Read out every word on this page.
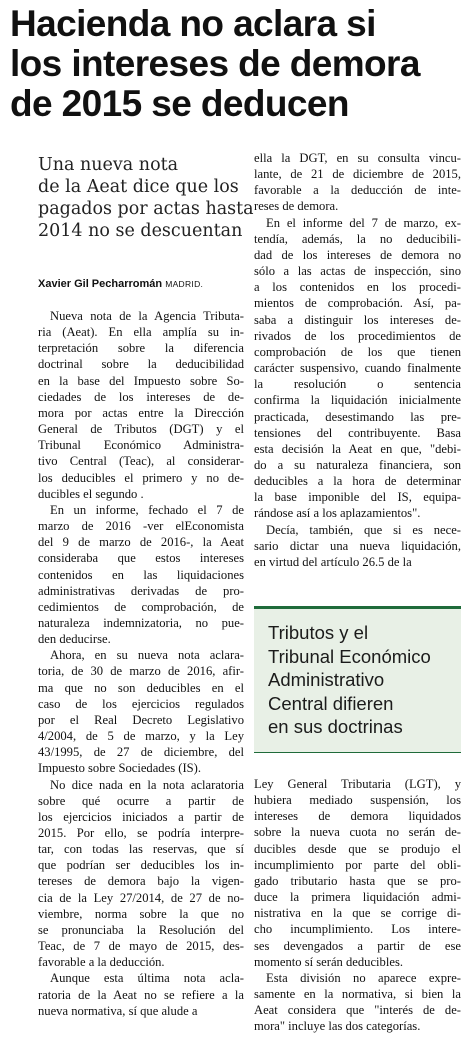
Hacienda no aclara si
los intereses de demora
de 2015 se deducen
Una nueva nota
de la Aeat dice que los
pagados por actas hasta
2014 no se descuentan
Xavier Gil Pecharromán MADRID.

Nueva nota de la Agencia Tributa-
ria (Aeat). En ella amplía su in-
terpretación sobre la diferencia
doctrinal sobre la deducibilidad
en la base del Impuesto sobre So-
ciedades de los intereses de de-
mora por actas entre la Dirección
General de Tributos (DGT) y el
Tribunal Económico Administra-
tivo Central (Teac), al considerar-
los deducibles el primero y no de-
ducibles el segundo .

En un informe, fechado el 7 de
marzo de 2016 -ver elEconomista
del 9 de marzo de 2016-, la Aeat
consideraba que estos intereses
contenidos en las liquidaciones
administrativas derivadas de pro-
cedimientos de comprobación, de
naturaleza indemnizatoria, no pue-
den deducirse.

Ahora, en su nueva nota aclara-
toria, de 30 de marzo de 2016, afir-
ma que no son deducibles en el
caso de los ejercicios regulados
por el Real Decreto Legislativo
4/2004, de 5 de marzo, y la Ley
43/1995, de 27 de diciembre, del
Impuesto sobre Sociedades (IS).

No dice nada en la nota aclaratoria
sobre qué ocurre a partir de
los ejercicios iniciados a partir de
2015. Por ello, se podría interpre-
tar, con todas las reservas, que sí
que podrían ser deducibles los in-
tereses de demora bajo la vigen-
cia de la Ley 27/2014, de 27 de no-
viembre, norma sobre la que no
se pronunciaba la Resolución del
Teac, de 7 de mayo de 2015, des-
favorable a la deducción.

Aunque esta última nota acla-
ratoria de la Aeat no se refiere a la
nueva normativa, sí que alude a

ella la DGT, en su consulta vincu-
lante, de 21 de diciembre de 2015,
favorable a la deducción de inte-
reses de demora.

En el informe del 7 de marzo, ex-
tendía, además, la no deducibili-
dad de los intereses de demora no
sólo a las actas de inspección, sino
a los contenidos en los procedi-
mientos de comprobación. Así, pa-
saba a distinguir los intereses de-
rivados de los procedimientos de
comprobación de los que tienen
carácter suspensivo, cuando finalmente
la resolución o sentencia
confirma la liquidación inicialmente
practicada, desestimando las pre-
tensiones del contribuyente. Basa
esta decisión la Aeat en que, "debi-
do a su naturaleza financiera, son
deducibles a la hora de determinar
la base imponible del IS, equipa-
rándose así a los aplazamientos".

Decía, también, que si es nece-
sario dictar una nueva liquidación,
en virtud del artículo 26.5 de la

Tributos y el
Tribunal Económico
Administrativo
Central difieren
en sus doctrinas

Ley General Tributaria (LGT), y
hubiera mediado suspensión, los
intereses de demora liquidados
sobre la nueva cuota no serán de-
ducibles desde que se produjo el
incumplimiento por parte del obli-
gado tributario hasta que se pro-
duce la primera liquidación admi-
nistrativa en la que se corrige di-
cho incumplimiento. Los intere-
ses devengados a partir de ese
momento sí serán deducibles.

Esta división no aparece expre-
samente en la normativa, si bien la
Aeat considera que "interés de de-
mora" incluye las dos categorías.
